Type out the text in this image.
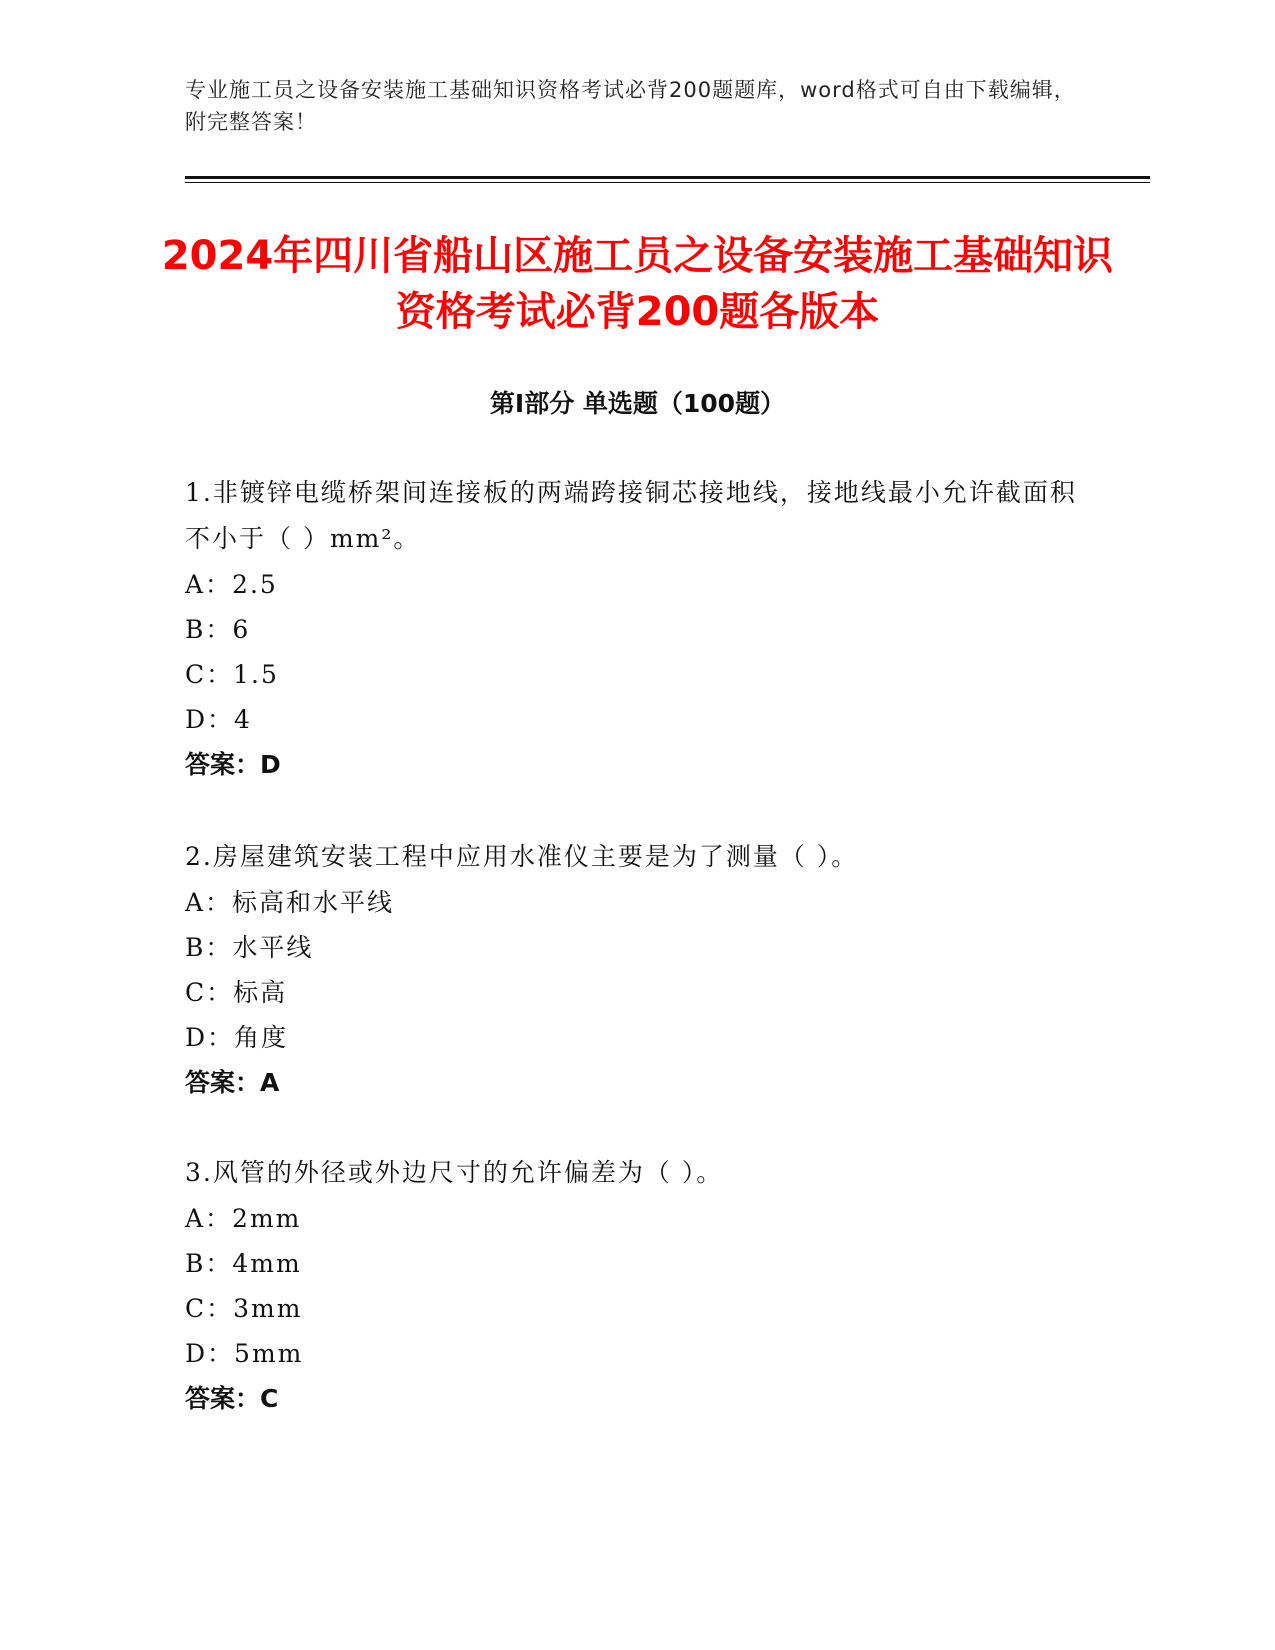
专业施工员之设备安装施工基础知识资格考试必背200题题库，word格式可自由下载编辑，附完整答案！
2024年四川省船山区施工员之设备安装施工基础知识资格考试必背200题各版本
第I部分 单选题（100题）

1.非镀锌电缆桥架间连接板的两端跨接铜芯接地线，接地线最小允许截面积不小于（ ）mm²。

A：2.5

B：6

C：1.5

D：4

答案：D

2.房屋建筑安装工程中应用水准仪主要是为了测量（ ）。

A：标高和水平线

B：水平线

C：标高

D：角度

答案：A

3.风管的外径或外边尺寸的允许偏差为（ ）。

A：2mm

B：4mm

C：3mm

D：5mm

答案：C
